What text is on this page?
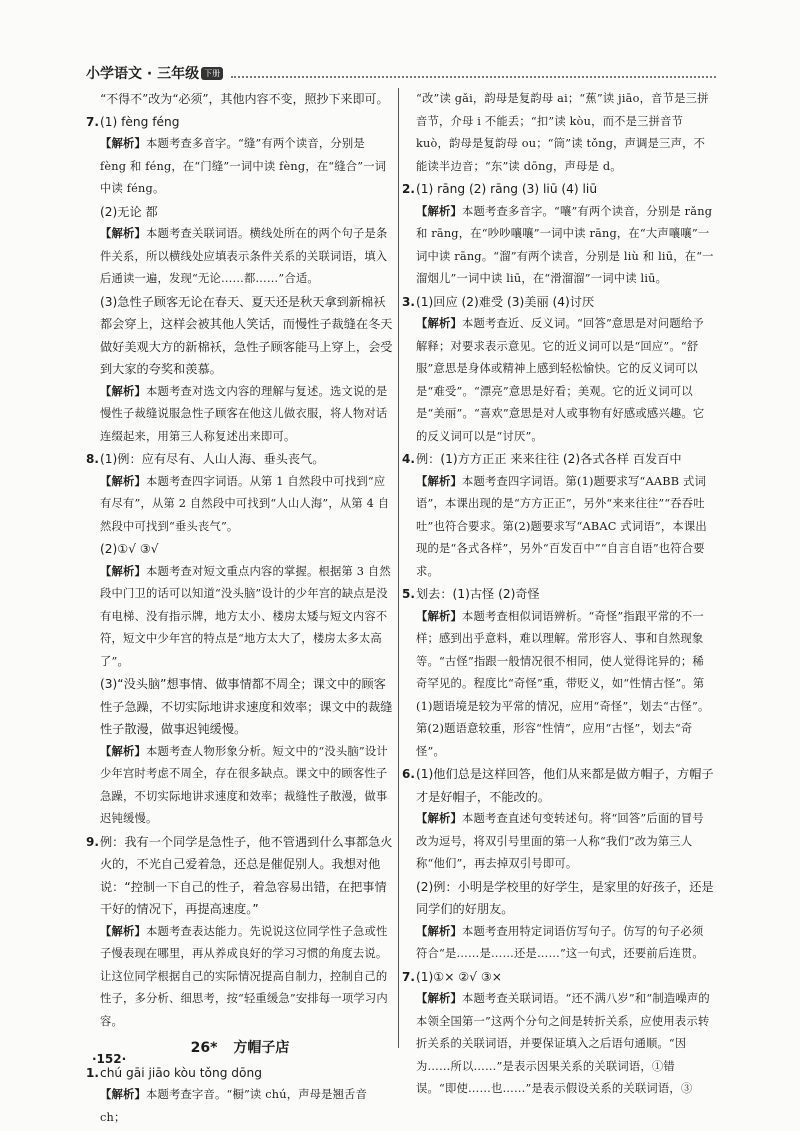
小学语文 · 三年级 下册
“不得不”改为“必须”，其他内容不变，照抄下来即可。
7. (1) fèng féng
【解析】本题考查多音字。“缝”有两个读音，分别是 fèng 和 féng，在“门缝”一词中读 fèng，在“缝合”一词中读 féng。
(2)无论 都
【解析】本题考查关联词语。横线处所在的两个句子是条件关系，所以横线处应填表示条件关系的关联词语，填入后通读一遍，发现“无论……都……”合适。
(3)急性子顾客无论在春天、夏天还是秋天拿到新棉袄都会穿上，这样会被其他人笑话，而慢性子裁缝在冬天做好美观大方的新棉袄，急性子顾客能马上穿上，会受到大家的夸奖和羡慕。
【解析】本题考查对选文内容的理解与复述。选文说的是慢性子裁缝说服急性子顾客在他这儿做衣服，将人物对话连缀起来，用第三人称复述出来即可。
8. (1)例：应有尽有、人山人海、垂头丧气。
【解析】本题考查四字词语。从第 1 自然段中可找到“应有尽有”，从第 2 自然段中可找到“人山人海”，从第 4 自然段中可找到“垂头丧气”。
(2)①√ ③√
【解析】本题考查对短文重点内容的掌握。根据第 3 自然段中门卫的话可以知道“没头脑”设计的少年宫的缺点是没有电梯、没有指示牌，地方太小、楼房太矮与短文内容不符，短文中少年宫的特点是“地方太大了，楼房太多太高了”。
(3)“没头脑”想事情、做事情都不周全；课文中的顾客性子急躁，不切实际地讲求速度和效率；课文中的裁缝性子散漫，做事迟钝缓慢。
【解析】本题考查人物形象分析。短文中的“没头脑”设计少年宫时考虑不周全，存在很多缺点。课文中的顾客性子急躁，不切实际地讲求速度和效率；裁缝性子散漫，做事迟钝缓慢。
9. 例：我有一个同学是急性子，他不管遇到什么事都急火火的，不光自己爱着急，还总是催促别人。我想对他说：“控制一下自己的性子，着急容易出错，在把事情干好的情况下，再提高速度。”
【解析】本题考查表达能力。先说说这位同学性子急或性子慢表现在哪里，再从养成良好的学习习惯的角度去说。让这位同学根据自己的实际情况提高自制力，控制自己的性子，多分析、细思考，按“轻重缓急”安排每一项学习内容。
26* 方帽子店
1. chú gāi jiāo kòu tǒng dōng
【解析】本题考查字音。“橱”读 chú，声母是翘舌音 ch；
“改”读 gǎi，韵母是复韵母 ai；“蕉”读 jiāo，音节是三拼音节，介母 i 不能丢；“扣”读 kòu，而不是三拼音节 kuò，韵母是复韵母 ou；“筒”读 tǒng，声调是三声，不能读半边音；“东”读 dōng，声母是 d。
2. (1) rāng (2) rāng (3) liū (4) liū
【解析】本题考查多音字。“嚷”有两个读音，分别是 rǎng 和 rāng，在“吵吵嚷嚷”一词中读 rāng，在“大声嚷嚷”一词中读 rāng。“溜”有两个读音，分别是 liù 和 liū，在“一溜烟儿”一词中读 liū，在“滑溜溜”一词中读 liū。
3. (1)回应 (2)难受 (3)美丽 (4)讨厌
【解析】本题考查近、反义词。“回答”意思是对问题给予解释；对要求表示意见。它的近义词可以是“回应”。“舒服”意思是身体或精神上感到轻松愉快。它的反义词可以是“难受”。“漂亮”意思是好看；美观。它的近义词可以是“美丽”。“喜欢”意思是对人或事物有好感或感兴趣。它的反义词可以是“讨厌”。
4. 例：(1)方方正正 来来往往 (2)各式各样 百发百中
【解析】本题考查四字词语。第(1)题要求写“AABB 式词语”，本课出现的是“方方正正”，另外“来来往往”“吞吞吐吐”也符合要求。第(2)题要求写“ABAC 式词语”，本课出现的是“各式各样”，另外“百发百中”“自言自语”也符合要求。
5. 划去：(1)古怪 (2)奇怪
【解析】本题考查相似词语辨析。“奇怪”指跟平常的不一样；感到出乎意料，难以理解。常形容人、事和自然现象等。“古怪”指跟一般情况很不相同，使人觉得诧异的；稀奇罕见的。程度比“奇怪”重，带贬义，如“性情古怪”。第(1)题语境是较为平常的情况，应用“奇怪”，划去“古怪”。第(2)题语意较重，形容“性情”，应用“古怪”，划去“奇怪”。
6. (1)他们总是这样回答，他们从来都是做方帽子，方帽子才是好帽子，不能改的。
【解析】本题考查直述句变转述句。将“回答”后面的冒号改为逗号，将双引号里面的第一人称“我们”改为第三人称“他们”，再去掉双引号即可。
(2)例：小明是学校里的好学生，是家里的好孩子，还是同学们的好朋友。
【解析】本题考查用特定词语仿写句子。仿写的句子必须符合“是……是……还是……”这一句式，还要前后连贯。
7. (1)①× ②√ ③×
【解析】本题考查关联词语。“还不满八岁”和“制造噪声的本领全国第一”这两个分句之间是转折关系，应使用表示转折关系的关联词语，并要保证填入之后语句通顺。“因为……所以……”是表示因果关系的关联词语，①错误。“即使……也……”是表示假设关系的关联词语，③
·152·
